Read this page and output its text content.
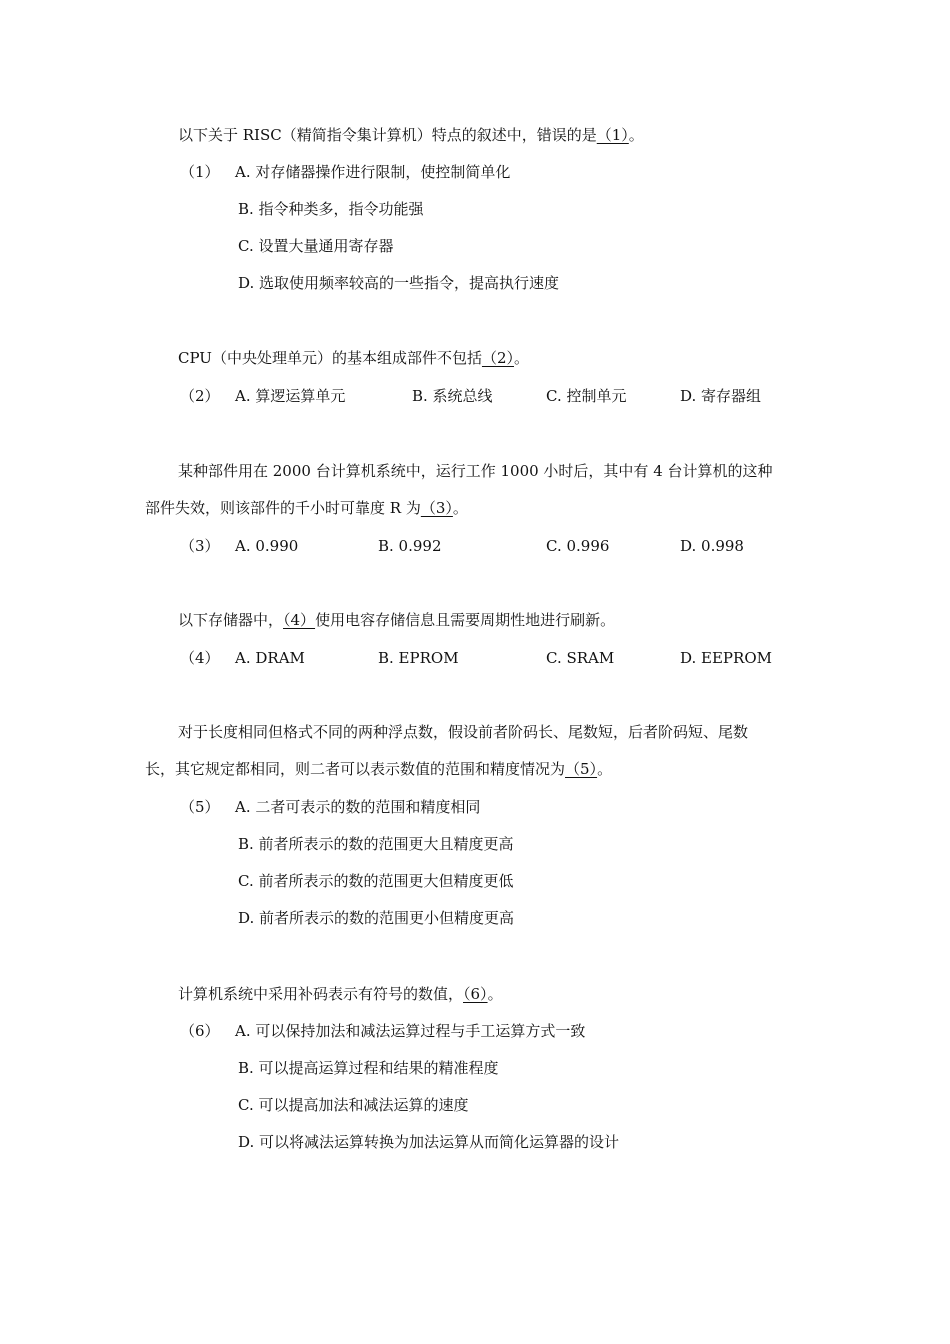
以下关于 RISC（精简指令集计算机）特点的叙述中，错误的是（1）。
（1） A. 对存储器操作进行限制，使控制简单化
B. 指令种类多，指令功能强
C. 设置大量通用寄存器
D. 选取使用频率较高的一些指令，提高执行速度
CPU（中央处理单元）的基本组成部件不包括（2）。
（2） A. 算逻运算单元	B. 系统总线	C. 控制单元	D. 寄存器组
某种部件用在 2000 台计算机系统中，运行工作 1000 小时后，其中有 4 台计算机的这种
部件失效，则该部件的千小时可靠度 R 为（3）。
（3） A. 0.990	B. 0.992	C. 0.996	D. 0.998
以下存储器中，（4）使用电容存储信息且需要周期性地进行刷新。
（4） A. DRAM	B. EPROM	C. SRAM	D. EEPROM
对于长度相同但格式不同的两种浮点数，假设前者阶码长、尾数短，后者阶码短、尾数
长，其它规定都相同，则二者可以表示数值的范围和精度情况为（5）。
（5） A. 二者可表示的数的范围和精度相同
B. 前者所表示的数的范围更大且精度更高
C. 前者所表示的数的范围更大但精度更低
D. 前者所表示的数的范围更小但精度更高
计算机系统中采用补码表示有符号的数值，（6）。
（6） A. 可以保持加法和减法运算过程与手工运算方式一致
B. 可以提高运算过程和结果的精准程度
C. 可以提高加法和减法运算的速度
D. 可以将减法运算转换为加法运算从而简化运算器的设计
